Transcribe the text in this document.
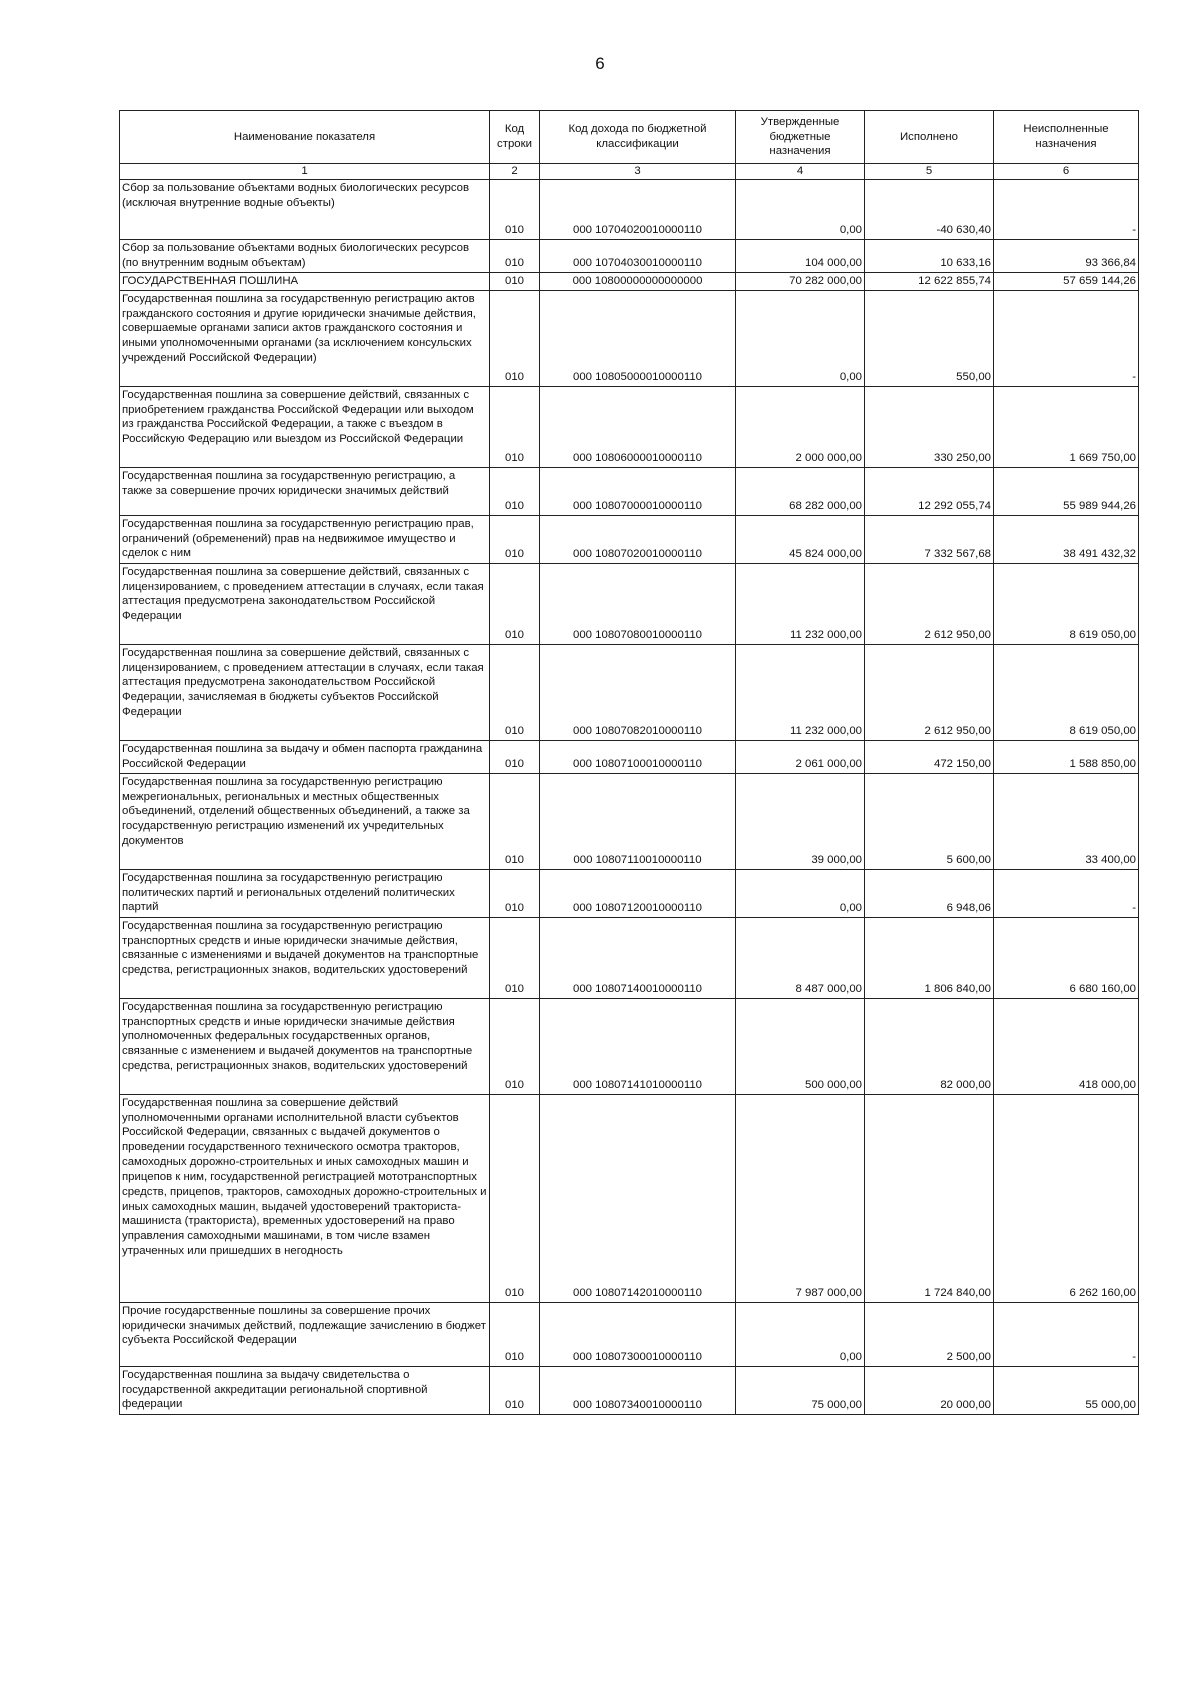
6
Наименование показателя	Код строки	Код дохода по бюджетной классификации	Утвержденные бюджетные назначения	Исполнено	Неисполненные назначения
1	2	3	4	5	6
Сбор за пользование объектами водных биологических ресурсов (исключая внутренние водные объекты)	010	000 10704020010000110	0,00	-40 630,40	-
Сбор за пользование объектами водных биологических ресурсов (по внутренним водным объектам)	010	000 10704030010000110	104 000,00	10 633,16	93 366,84
ГОСУДАРСТВЕННАЯ ПОШЛИНА	010	000 10800000000000000	70 282 000,00	12 622 855,74	57 659 144,26
Государственная пошлина за государственную регистрацию актов гражданского состояния и другие юридически значимые действия, совершаемые органами записи актов гражданского состояния и иными уполномоченными органами (за исключением консульских учреждений Российской Федерации)	010	000 10805000010000110	0,00	550,00	-
Государственная пошлина за совершение действий, связанных с приобретением гражданства Российской Федерации или выходом из гражданства Российской Федерации, а также с въездом в Российскую Федерацию или выездом из Российской Федерации	010	000 10806000010000110	2 000 000,00	330 250,00	1 669 750,00
Государственная пошлина за государственную регистрацию, а также за совершение прочих юридически значимых действий	010	000 10807000010000110	68 282 000,00	12 292 055,74	55 989 944,26
Государственная пошлина за государственную регистрацию прав, ограничений (обременений) прав на недвижимое имущество и сделок с ним	010	000 10807020010000110	45 824 000,00	7 332 567,68	38 491 432,32
Государственная пошлина за совершение действий, связанных с лицензированием, с проведением аттестации в случаях, если такая аттестация предусмотрена законодательством Российской Федерации	010	000 10807080010000110	11 232 000,00	2 612 950,00	8 619 050,00
Государственная пошлина за совершение действий, связанных с лицензированием, с проведением аттестации в случаях, если такая аттестация предусмотрена законодательством Российской Федерации, зачисляемая в бюджеты субъектов Российской Федерации	010	000 10807082010000110	11 232 000,00	2 612 950,00	8 619 050,00
Государственная пошлина за выдачу и обмен паспорта гражданина Российской Федерации	010	000 10807100010000110	2 061 000,00	472 150,00	1 588 850,00
Государственная пошлина за государственную регистрацию межрегиональных, региональных и местных общественных объединений, отделений общественных объединений, а также за государственную регистрацию изменений их учредительных документов	010	000 10807110010000110	39 000,00	5 600,00	33 400,00
Государственная пошлина за государственную регистрацию политических партий и региональных отделений политических партий	010	000 10807120010000110	0,00	6 948,06	-
Государственная пошлина за государственную регистрацию транспортных средств и иные юридически значимые действия, связанные с изменениями и выдачей документов на транспортные средства, регистрационных знаков, водительских удостоверений	010	000 10807140010000110	8 487 000,00	1 806 840,00	6 680 160,00
Государственная пошлина за государственную регистрацию транспортных средств и иные юридически значимые действия уполномоченных федеральных государственных органов, связанные с изменением и выдачей документов на транспортные средства, регистрационных знаков, водительских удостоверений	010	000 10807141010000110	500 000,00	82 000,00	418 000,00
Государственная пошлина за совершение действий уполномоченными органами исполнительной власти субъектов Российской Федерации, связанных с выдачей документов о проведении государственного технического осмотра тракторов, самоходных дорожно-строительных и иных самоходных машин и прицепов к ним, государственной регистрацией мототранспортных средств, прицепов, тракторов, самоходных дорожно-строительных и иных самоходных машин, выдачей удостоверений тракториста-машиниста (тракториста), временных удостоверений на право управления самоходными машинами, в том числе взамен утраченных или пришедших в негодность	010	000 10807142010000110	7 987 000,00	1 724 840,00	6 262 160,00
Прочие государственные пошлины за совершение прочих юридически значимых действий, подлежащие зачислению в бюджет субъекта Российской Федерации	010	000 10807300010000110	0,00	2 500,00	-
Государственная пошлина за выдачу свидетельства о государственной аккредитации региональной спортивной федерации	010	000 10807340010000110	75 000,00	20 000,00	55 000,00
